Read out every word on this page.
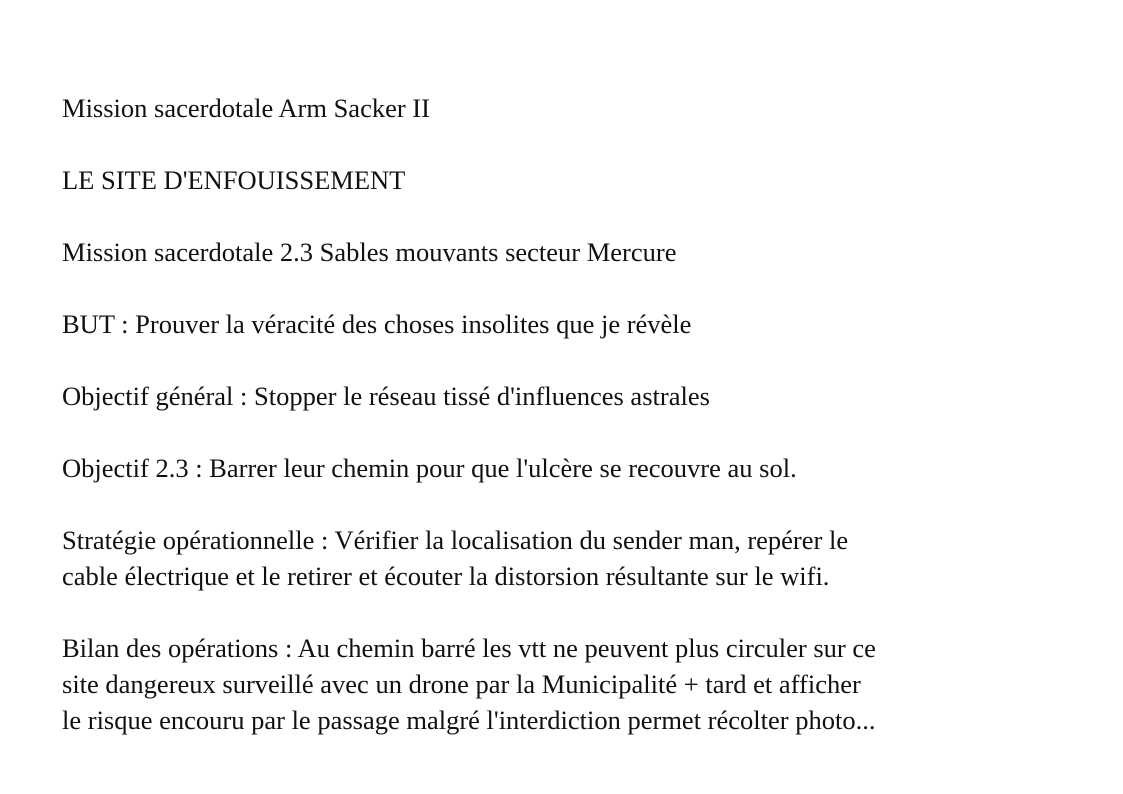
Mission sacerdotale Arm Sacker II

LE SITE D'ENFOUISSEMENT

Mission sacerdotale 2.3 Sables mouvants secteur Mercure

BUT : Prouver la véracité des choses insolites que je révèle

Objectif général : Stopper le réseau tissé d'influences astrales

Objectif 2.3 : Barrer leur chemin pour que l'ulcère se recouvre au sol.

Stratégie opérationnelle : Vérifier la localisation du sender man, repérer le
cable électrique et le retirer et écouter la distorsion résultante sur le wifi.

Bilan des opérations : Au chemin barré les vtt ne peuvent plus circuler sur ce
site dangereux surveillé avec un drone par la Municipalité + tard et afficher
le risque encouru par le passage malgré l'interdiction permet récolter photo...
